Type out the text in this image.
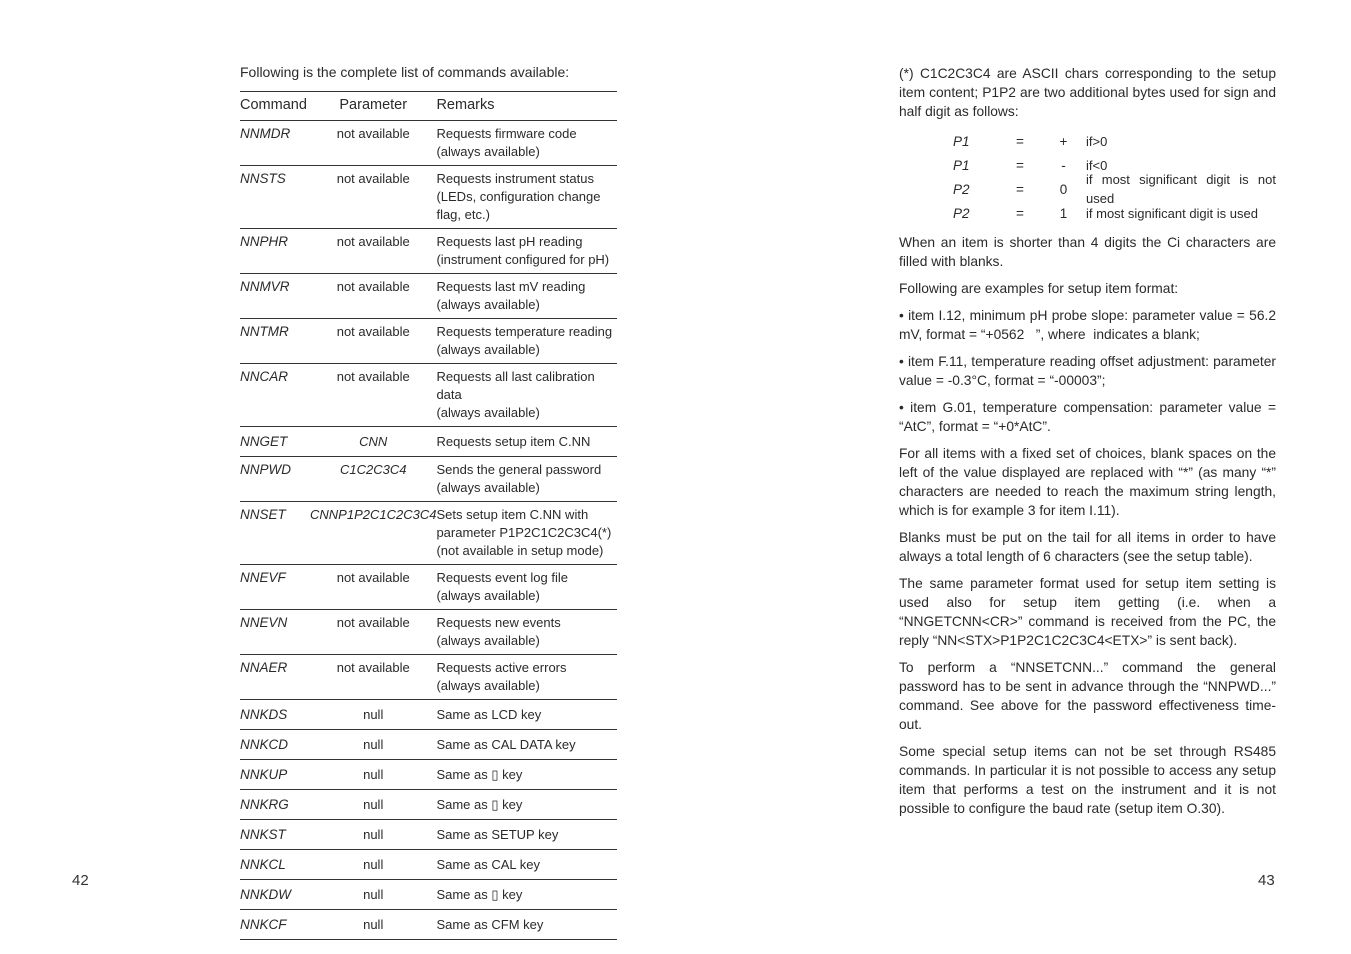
Following is the complete list of commands available:
Command	Parameter	Remarks
NNMDR	not available	Requests firmware code
(always available)

NNSTS	not available	Requests instrument status
(LEDs, configuration change flag, etc.)

NNPHR	not available	Requests last pH reading
(instrument configured for pH)

NNMVR	not available	Requests last mV reading
(always available)

NNTMR	not available	Requests temperature reading
(always available)

NNCAR	not available	Requests all last calibration data
(always available)

NNGET	CNN	Requests setup item C.NN

NNPWD	C1C2C3C4	Sends the general password
(always available)

NNSET	CNNP1P2C1C2C3C4	Sets setup item C.NN with
parameter P1P2C1C2C3C4(*)
(not available in setup mode)

NNEVF	not available	Requests event log file
(always available)

NNEVN	not available	Requests new events
(always available)

NNAER	not available	Requests active errors
(always available)

NNKDS	null	Same as LCD key

NNKCD	null	Same as CAL DATA key

NNKUP	null	Same as ▯ key

NNKRG	null	Same as ▯ key

NNKST	null	Same as SETUP key

NNKCL	null	Same as CAL key

NNKDW	null	Same as ▯ key

NNKCF	null	Same as CFM key
42

(*) C1C2C3C4 are ASCII chars corresponding to the setup item content; P1P2 are two additional bytes used for sign and half digit as follows:

P1	=	+	if>0
P1	=	-	if<0
P2	=	0
if most significant digit is not used
P2	=	1	if most significant digit is used

When an item is shorter than 4 digits the Ci characters are filled with blanks.

Following are examples for setup item format:

• item I.12, minimum pH probe slope: parameter value = 56.2 mV, format = “+0562   ”, where  indicates a blank;

• item F.11, temperature reading offset adjustment: parameter value = -0.3°C, format = “-00003”;

• item G.01, temperature compensation: parameter value = “AtC”, format = “+0*AtC”.

For all items with a fixed set of choices, blank spaces on the left of the value displayed are replaced with “*” (as many “*” characters are needed to reach the maximum string length, which is for example 3 for item I.11).

Blanks must be put on the tail for all items in order to have always a total length of 6 characters (see the setup table).

The same parameter format used for setup item setting is used also for setup item getting (i.e. when a “NNGETCNN<CR>” command is received from the PC, the reply “NN<STX>P1P2C1C2C3C4<ETX>” is sent back).

To perform a “NNSETCNN...” command the general password has to be sent in advance through the “NNPWD...” command. See above for the password effectiveness time-out.

Some special setup items can not be set through RS485 commands. In particular it is not possible to access any setup item that performs a test on the instrument and it is not possible to configure the baud rate (setup item O.30).

43
